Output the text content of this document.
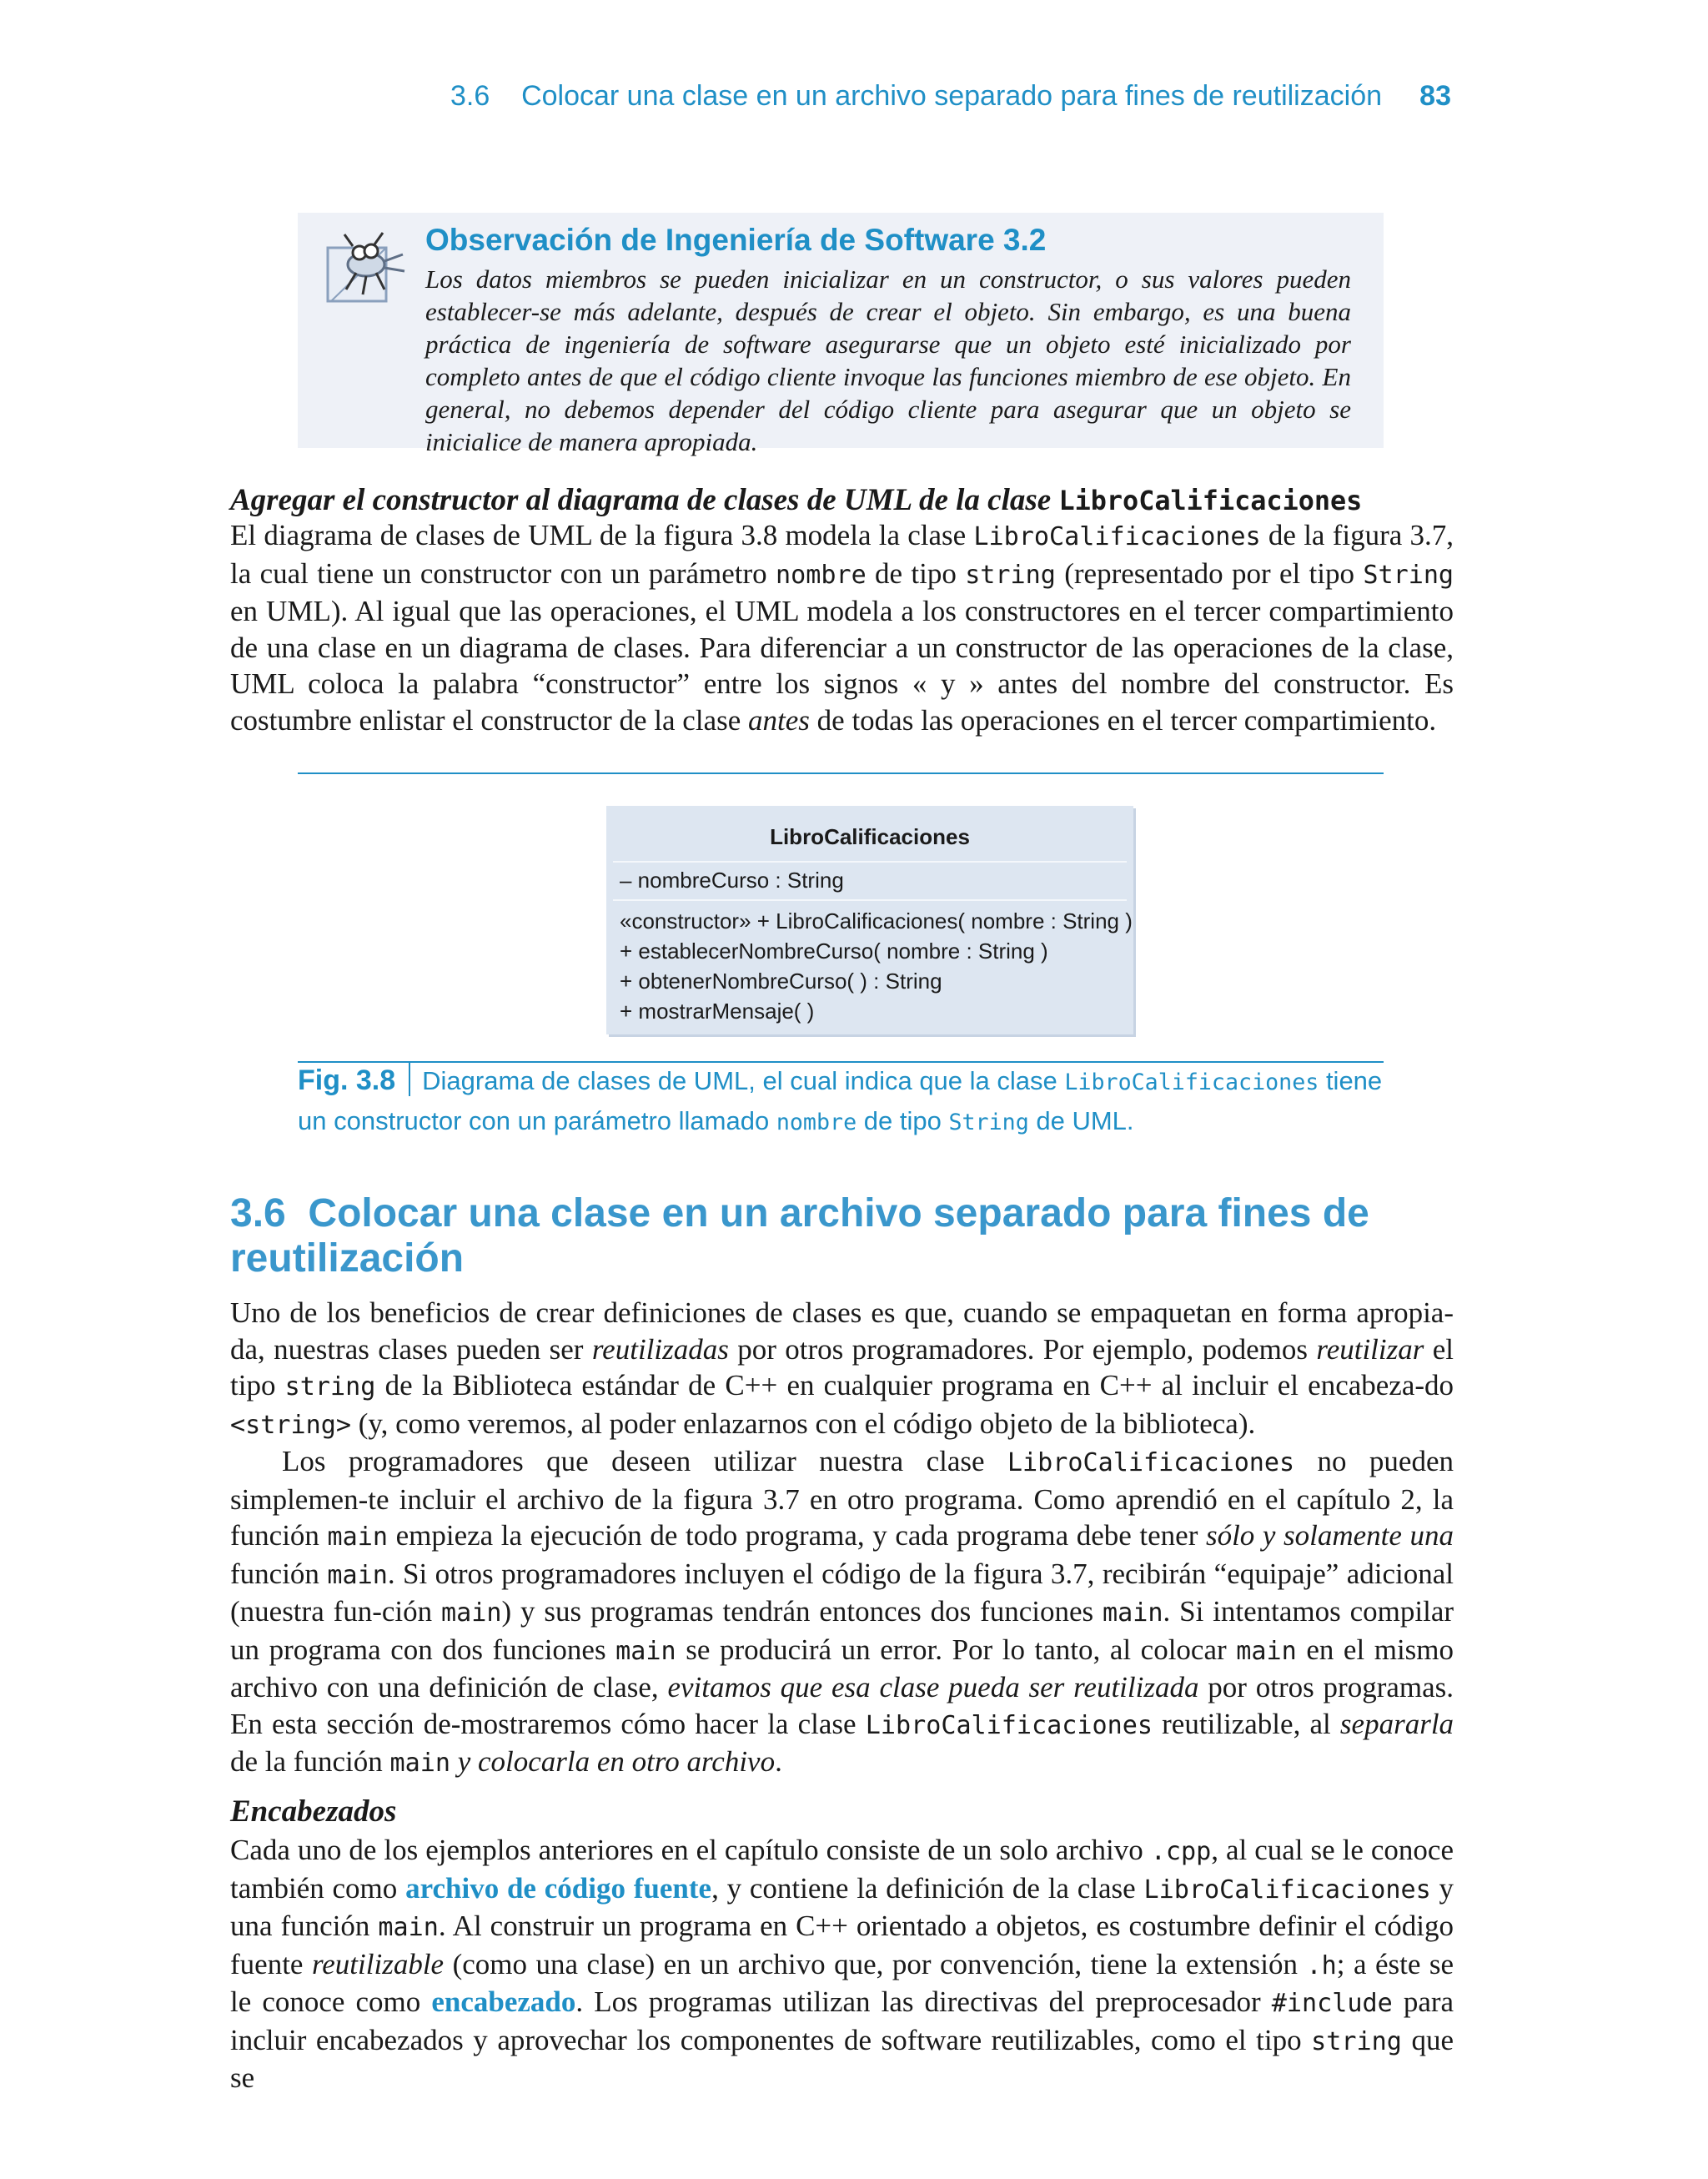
3.6 Colocar una clase en un archivo separado para fines de reutilización 83
Observación de Ingeniería de Software 3.2
Los datos miembros se pueden inicializar en un constructor, o sus valores pueden establecer-se más adelante, después de crear el objeto. Sin embargo, es una buena práctica de ingeniería de software asegurarse que un objeto esté inicializado por completo antes de que el código cliente invoque las funciones miembro de ese objeto. En general, no debemos depender del código cliente para asegurar que un objeto se inicialice de manera apropiada.
Agregar el constructor al diagrama de clases de UML de la clase LibroCalificaciones

El diagrama de clases de UML de la figura 3.8 modela la clase LibroCalificaciones de la figura 3.7, la cual tiene un constructor con un parámetro nombre de tipo string (representado por el tipo String en UML). Al igual que las operaciones, el UML modela a los constructores en el tercer compartimiento de una clase en un diagrama de clases. Para diferenciar a un constructor de las operaciones de la clase, UML coloca la palabra “constructor” entre los signos « y » antes del nombre del constructor. Es costumbre enlistar el constructor de la clase antes de todas las operaciones en el tercer compartimiento.

LibroCalificaciones
– nombreCurso : String
«constructor» + LibroCalificaciones( nombre : String )
+ establecerNombreCurso( nombre : String )
+ obtenerNombreCurso( ) : String
+ mostrarMensaje( )
Fig. 3.8 Diagrama de clases de UML, el cual indica que la clase LibroCalificaciones tiene un constructor con un parámetro llamado nombre de tipo String de UML.
3.6 Colocar una clase en un archivo separado para fines de reutilización

Uno de los beneficios de crear definiciones de clases es que, cuando se empaquetan en forma apropia-da, nuestras clases pueden ser reutilizadas por otros programadores. Por ejemplo, podemos reutilizar el tipo string de la Biblioteca estándar de C++ en cualquier programa en C++ al incluir el encabeza-do <string> (y, como veremos, al poder enlazarnos con el código objeto de la biblioteca).

Los programadores que deseen utilizar nuestra clase LibroCalificaciones no pueden simplemen-te incluir el archivo de la figura 3.7 en otro programa. Como aprendió en el capítulo 2, la función main empieza la ejecución de todo programa, y cada programa debe tener sólo y solamente una función main. Si otros programadores incluyen el código de la figura 3.7, recibirán “equipaje” adicional (nuestra fun-ción main) y sus programas tendrán entonces dos funciones main. Si intentamos compilar un programa con dos funciones main se producirá un error. Por lo tanto, al colocar main en el mismo archivo con una definición de clase, evitamos que esa clase pueda ser reutilizada por otros programas. En esta sección de-mostraremos cómo hacer la clase LibroCalificaciones reutilizable, al separarla de la función main y colocarla en otro archivo.

Encabezados

Cada uno de los ejemplos anteriores en el capítulo consiste de un solo archivo .cpp, al cual se le conoce también como archivo de código fuente, y contiene la definición de la clase LibroCalificaciones y una función main. Al construir un programa en C++ orientado a objetos, es costumbre definir el código fuente reutilizable (como una clase) en un archivo que, por convención, tiene la extensión .h; a éste se le conoce como encabezado. Los programas utilizan las directivas del preprocesador #include para incluir encabezados y aprovechar los componentes de software reutilizables, como el tipo string que se
